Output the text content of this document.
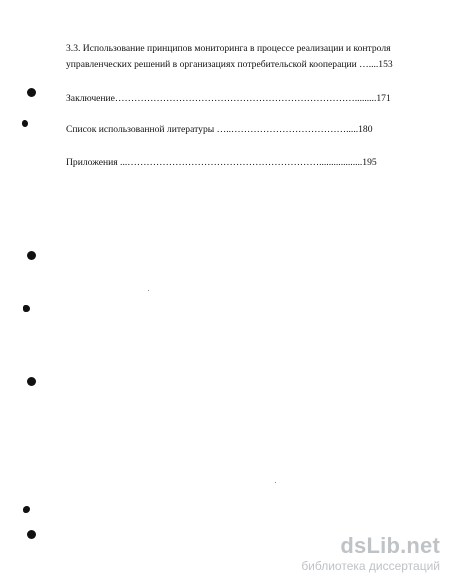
3.3. Использование принципов мониторинга в процессе реализации и контроля
управленческих решений в организациях потребительской кооперации …....153
Заключение………………………………………………………………….........171
Список использованной литературы …..……………………………….....180
Приложения ...……………………………………………………..................195
dsLib.net
библиотека диссертаций
